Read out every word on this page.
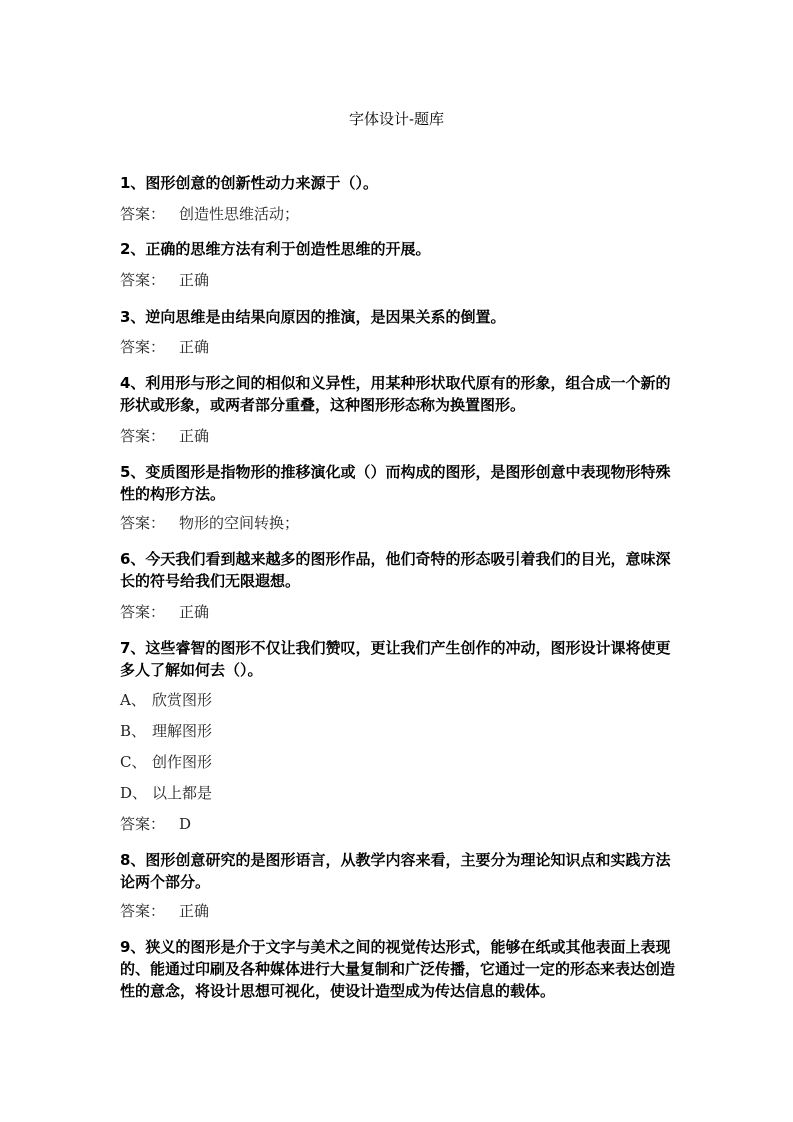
字体设计-题库
1、图形创意的创新性动力来源于（）。
答案： 创造性思维活动；
2、正确的思维方法有利于创造性思维的开展。
答案： 正确
3、逆向思维是由结果向原因的推演，是因果关系的倒置。
答案： 正确
4、利用形与形之间的相似和义异性，用某种形状取代原有的形象，组合成一个新的形状或形象，或两者部分重叠，这种图形形态称为换置图形。
答案： 正确
5、变质图形是指物形的推移演化或（）而构成的图形，是图形创意中表现物形特殊性的构形方法。
答案： 物形的空间转换；
6、今天我们看到越来越多的图形作品，他们奇特的形态吸引着我们的目光，意味深长的符号给我们无限遐想。
答案： 正确
7、这些睿智的图形不仅让我们赞叹，更让我们产生创作的冲动，图形设计课将使更多人了解如何去（）。
A、 欣赏图形
B、 理解图形
C、 创作图形
D、 以上都是
答案： D
8、图形创意研究的是图形语言，从教学内容来看，主要分为理论知识点和实践方法论两个部分。
答案： 正确
9、狭义的图形是介于文字与美术之间的视觉传达形式，能够在纸或其他表面上表现的、能通过印刷及各种媒体进行大量复制和广泛传播，它通过一定的形态来表达创造性的意念，将设计思想可视化，使设计造型成为传达信息的载体。
